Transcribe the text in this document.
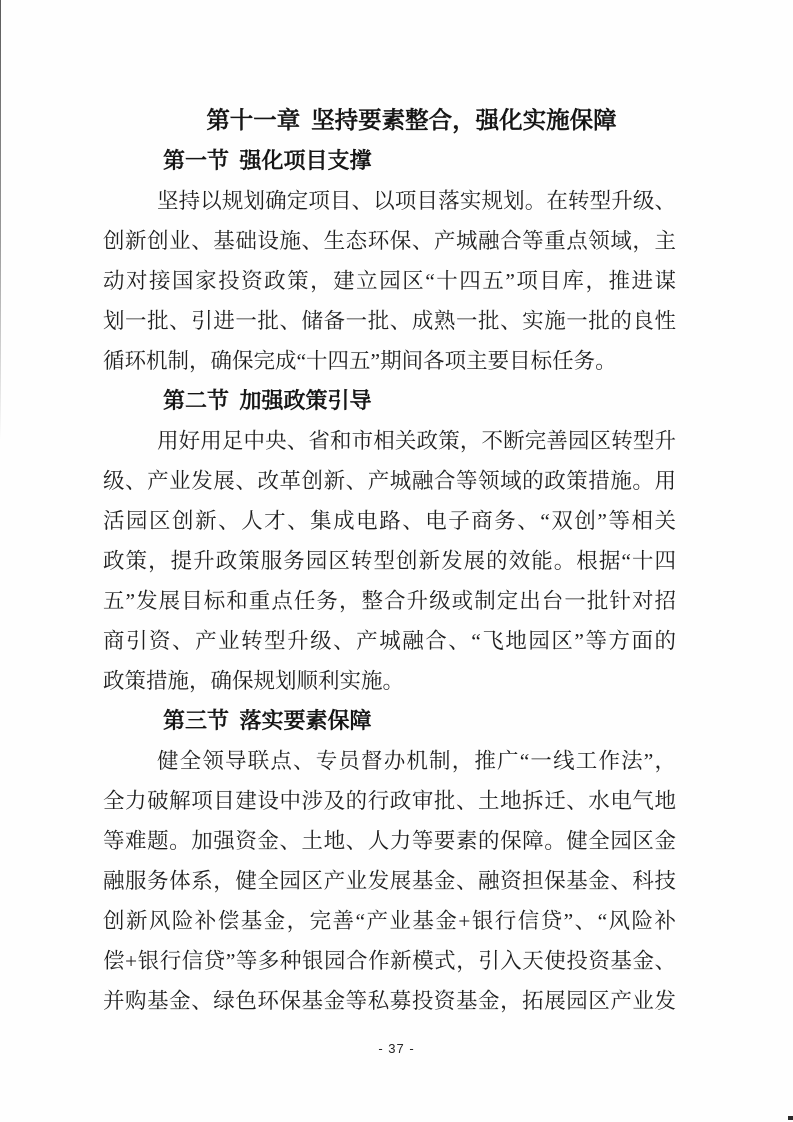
第十一章 坚持要素整合，强化实施保障
第一节 强化项目支撑
坚持以规划确定项目、以项目落实规划。在转型升级、
创新创业、基础设施、生态环保、产城融合等重点领域，主
动对接国家投资政策，建立园区“十四五”项目库，推进谋
划一批、引进一批、储备一批、成熟一批、实施一批的良性
循环机制，确保完成“十四五”期间各项主要目标任务。
第二节 加强政策引导
用好用足中央、省和市相关政策，不断完善园区转型升
级、产业发展、改革创新、产城融合等领域的政策措施。用
活园区创新、人才、集成电路、电子商务、“双创”等相关
政策，提升政策服务园区转型创新发展的效能。根据“十四
五”发展目标和重点任务，整合升级或制定出台一批针对招
商引资、产业转型升级、产城融合、“飞地园区”等方面的
政策措施，确保规划顺利实施。
第三节 落实要素保障
健全领导联点、专员督办机制，推广“一线工作法”，
全力破解项目建设中涉及的行政审批、土地拆迁、水电气地
等难题。加强资金、土地、人力等要素的保障。健全园区金
融服务体系，健全园区产业发展基金、融资担保基金、科技
创新风险补偿基金，完善“产业基金+银行信贷”、“风险补
偿+银行信贷”等多种银园合作新模式，引入天使投资基金、
并购基金、绿色环保基金等私募投资基金，拓展园区产业发
- 37 -
